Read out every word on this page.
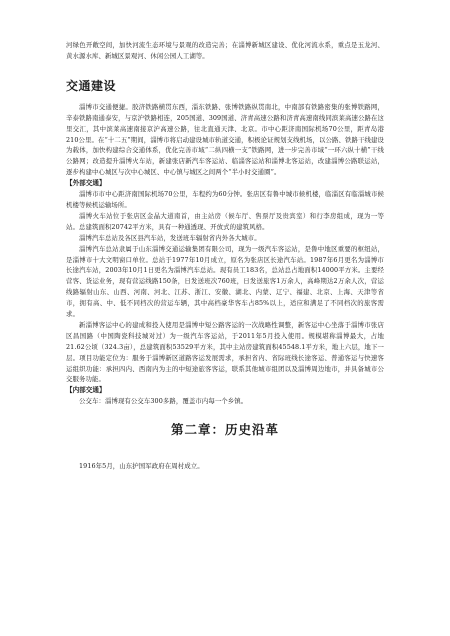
河绿色开敞空间，加快河流生态环境与景观的改造完善；在淄博新城区建设、优化河流水系，重点是玉龙河、黄水源水库、新城区景观河、休闲公园人工湖等。

交通建设

淄博市交通便捷。胶济铁路横贯东西，淄东铁路、张博铁路纵贯南北，中南部有铁路密集的张博铁路网，辛泰铁路南通泰安，与京沪铁路相连，205国道、309国道、济青高速公路和济青高速南线同滨莱高速公路在这里交汇，其中滨莱高速南接京沪高速公路，往北直通天津、北京。市中心距济南国际机场70公里，距青岛港210公里。在“十二五”期间，淄博市将启动建设城市轨道交通，积极论证规划支线机场，以公路、铁路干线建设为载体，加快构建综合交通体系，优化完善市域“二纵四横一支”铁路网，进一步完善市域“一环六纵十横”干线公路网；改造提升淄博火车站，新建张店新汽车客运站、临淄客运站和淄博北客运站，改建淄博公路联运站，逐步构建中心城区与次中心城区、中心镇与城区之间两个“半小时交通圈”。

【外部交通】

淄博市市中心距济南国际机场70公里，车程约为60分钟。张店区有鲁中城市候机楼，临淄区有临淄城市候机楼等候机运输场所。

淄博火车站位于张店区金晶大道南首，由主站房（候车厅、售票厅及贵宾室）和行李房组成，现为一等站。总建筑面积20742平方米，具有一种通透现、开放式的建筑风格。

淄博汽车总站及各区县汽车站，发送班车辐射省内外各大城市。

淄博汽车总站隶属于山东淄博交通运输集团有限公司，现为一级汽车客运站，是鲁中地区重要的枢纽站，是淄博市十大文明窗口单位。总站于1977年10月成立，原名为张店区长途汽车站。1987年6月更名为淄博市长途汽车站，2003年10月1日更名为淄博汽车总站。现有员工183名，总站总占地面积14000平方米。主要经营客、货运业务，现有营运线路150条，日发送班次760班，日发送旅客1万余人，高峰期达2万余人次，营运线路辐射山东、山西、河南、河北、江苏、浙江、安徽、湖北、内蒙、辽宁、福建、北京、上海、天津等省市，拥有高、中、低不同档次的营运车辆，其中高档豪华客车占85%以上，适应和满足了不同档次的旅客需求。

新淄博客运中心的建成和投入使用是淄博中短公路客运的一次战略性调整，新客运中心坐落于淄博市张店区昌国路（中国陶瓷科技城对过）为一级汽车客运站，于2011年5月投入使用。规模堪称淄博最大，占地21.62公顷（324.3亩），总建筑面积53529平方米，其中主站房建筑面积45548.1平方米，地上六层，地下一层。项目功能定位为：服务于淄博新区道路客运发展需求，承担省内、省际班线长途客运、普通客运与快速客运组织功能：承担四内、西南内为主的中短途旅客客运，联系其他城市组团以及淄博周边地市，并具备城市公交服务功能。

【内部交通】

公交车：淄博现有公交车300多路，覆盖市内每一个乡镇。

第二章：历史沿革

1916年5月，山东护国军政府在周村成立。
